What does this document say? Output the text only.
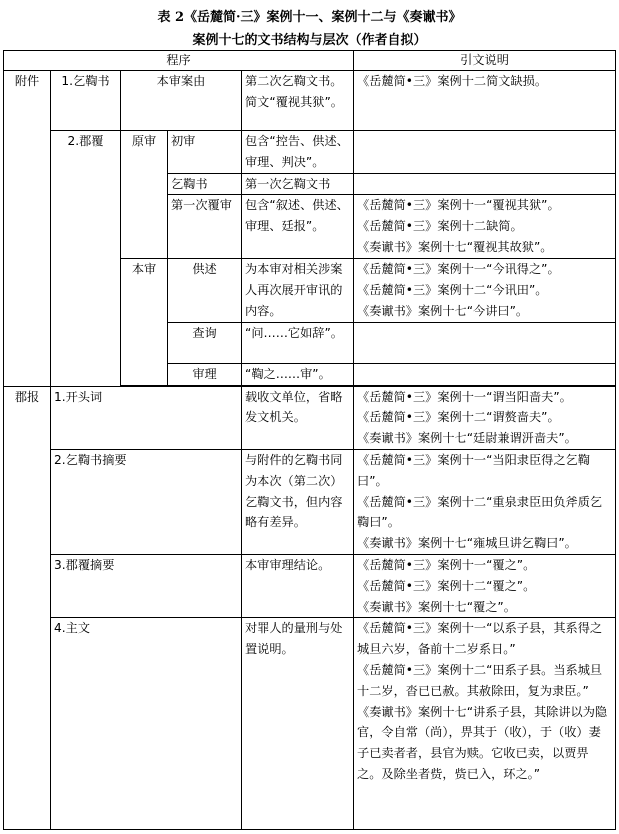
表 2《岳麓简·三》案例十一、案例十二与《奏谳书》
案例十七的文书结构与层次（作者自拟）
程序					引文说明
附件	1.乞鞫书	本审案由		第二次乞鞫文书。简文“覆视其狱”。	《岳麓简•三》案例十二简文缺损。
	2.郡覆	原审	初审	包含“控告、供述、审理、判决”。	
			乞鞫书	第一次乞鞫文书	
			第一次覆审	包含“叙述、供述、审理、廷报”。	《岳麓简•三》案例十一“覆视其狱”。
《岳麓简•三》案例十二缺简。
《奏谳书》案例十七“覆视其故狱”。

		本审	供述	为本审对相关涉案人再次展开审讯的内容。	《岳麓简•三》案例十一“今讯得之”。
《岳麓简•三》案例十二“今讯田”。
《奏谳书》案例十七“今讲曰”。

			查询	“问……它如辞”。	
			审理	“鞫之……审”。	

郡报	1.开头词			载收文单位，省略发文机关。	《岳麓简•三》案例十一“谓当阳啬夫”。
《岳麓简•三》案例十二“谓赘啬夫”。
《奏谳书》案例十七“廷尉兼谓汧啬夫”。

	2.乞鞫书摘要			与附件的乞鞫书同为本次（第二次）乞鞫文书，但内容略有差异。	《岳麓简•三》案例十一“当阳隶臣得之乞鞫曰”。
《岳麓简•三》案例十二“重泉隶臣田负斧质乞鞫曰”。
《奏谳书》案例十七“雍城旦讲乞鞫曰”。

	3.郡覆摘要			本审审理结论。	《岳麓简•三》案例十一“覆之”。
《岳麓简•三》案例十二“覆之”。
《奏谳书》案例十七“覆之”。

	4.主文			对罪人的量刑与处置说明。	《岳麓简•三》案例十一“以系子县，其系得之城旦六岁，备前十二岁系日。”
《岳麓简•三》案例十二“田系子县。当系城旦十二岁，沓已已赦。其赦除田，复为隶臣。”
《奏谳书》案例十七“讲系子县，其除讲以为隐官，令自常（尚），畀其于（收），于（收）妻子已卖者者，县官为赎。它收已卖，以贾畀之。及除坐者赀，赀已入，环之。”
